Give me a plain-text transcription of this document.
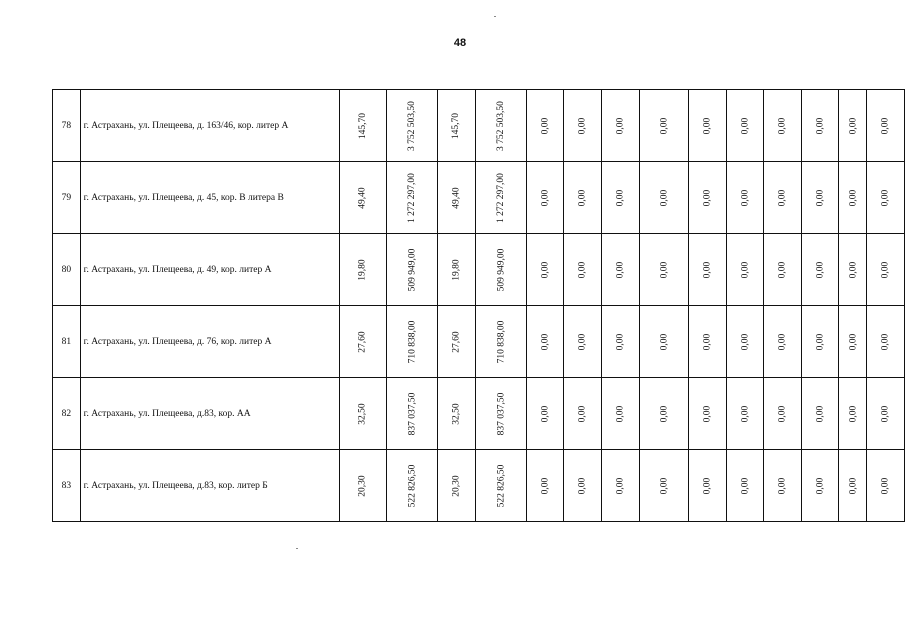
48
78	г. Астрахань, ул. Плещеева, д. 163/46, кор. литер А	145,70	3 752 503,50	145,70	3 752 503,50	0,00	0,00	0,00	0,00	0,00	0,00	0,00	0,00	0,00	0,00
79	г. Астрахань, ул. Плещеева, д. 45, кор. В литера В	49,40	1 272 297,00	49,40	1 272 297,00	0,00	0,00	0,00	0,00	0,00	0,00	0,00	0,00	0,00	0,00
80	г. Астрахань, ул. Плещеева, д. 49, кор. литер А	19,80	509 949,00	19,80	509 949,00	0,00	0,00	0,00	0,00	0,00	0,00	0,00	0,00	0,00	0,00
81	г. Астрахань, ул. Плещеева, д. 76, кор. литер А	27,60	710 838,00	27,60	710 838,00	0,00	0,00	0,00	0,00	0,00	0,00	0,00	0,00	0,00	0,00
82	г. Астрахань, ул. Плещеева, д.83, кор. АА	32,50	837 037,50	32,50	837 037,50	0,00	0,00	0,00	0,00	0,00	0,00	0,00	0,00	0,00	0,00
83	г. Астрахань, ул. Плещеева, д.83, кор. литер Б	20,30	522 826,50	20,30	522 826,50	0,00	0,00	0,00	0,00	0,00	0,00	0,00	0,00	0,00	0,00
